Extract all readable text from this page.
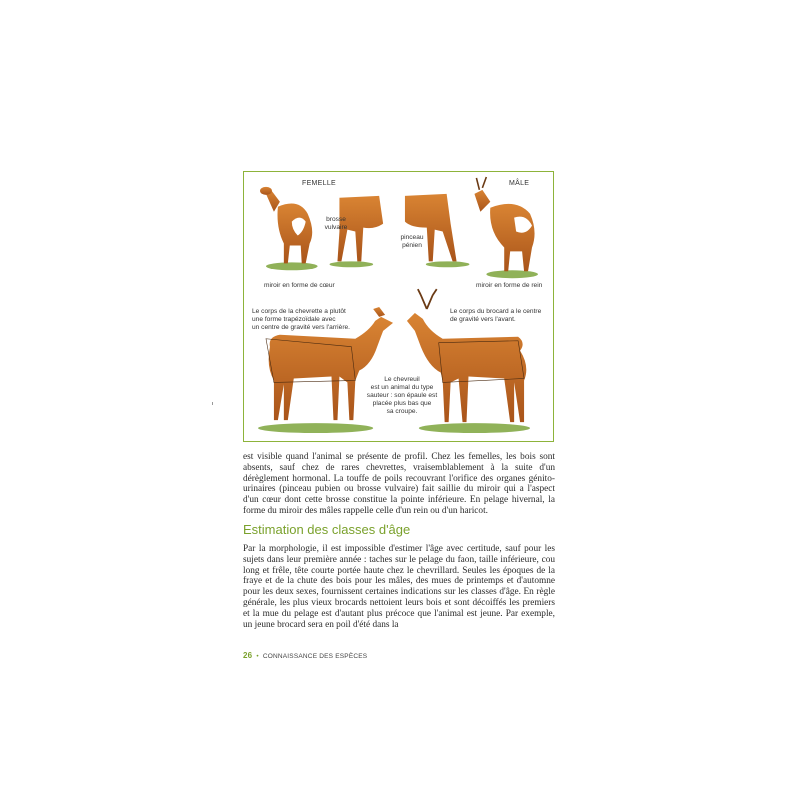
FEMELLE	MÂLE
brosse
vulvaire
pinceau
pénien
miroir en forme de cœur	miroir en forme de rein
Le corps de la chevrette a plutôt
une forme trapézoïdale avec
un centre de gravité vers l'arrière.
Le corps du brocard a le centre
de gravité vers l'avant.
Le chevreuil
est un animal du type
sauteur : son épaule est
placée plus bas que
sa croupe.
est visible quand l'animal se présente de profil. Chez les femelles, les bois sont absents, sauf chez de rares chevrettes, vraisemblablement à la suite d'un dérèglement hormonal. La touffe de poils recouvrant l'orifice des organes génito-urinaires (pinceau pubien ou brosse vulvaire) fait saillie du miroir qui a l'aspect d'un cœur dont cette brosse constitue la pointe inférieure. En pelage hivernal, la forme du miroir des mâles rappelle celle d'un rein ou d'un haricot.
Estimation des classes d'âge
Par la morphologie, il est impossible d'estimer l'âge avec certitude, sauf pour les sujets dans leur première année : taches sur le pelage du faon, taille inférieure, cou long et frêle, tête courte portée haute chez le chevrillard. Seules les époques de la fraye et de la chute des bois pour les mâles, des mues de printemps et d'automne pour les deux sexes, fournissent certaines indications sur les classes d'âge. En règle générale, les plus vieux brocards nettoient leurs bois et sont décoiffés les premiers et la mue du pelage est d'autant plus précoce que l'animal est jeune. Par exemple, un jeune brocard sera en poil d'été dans la
26 • CONNAISSANCE DES ESPÈCES
